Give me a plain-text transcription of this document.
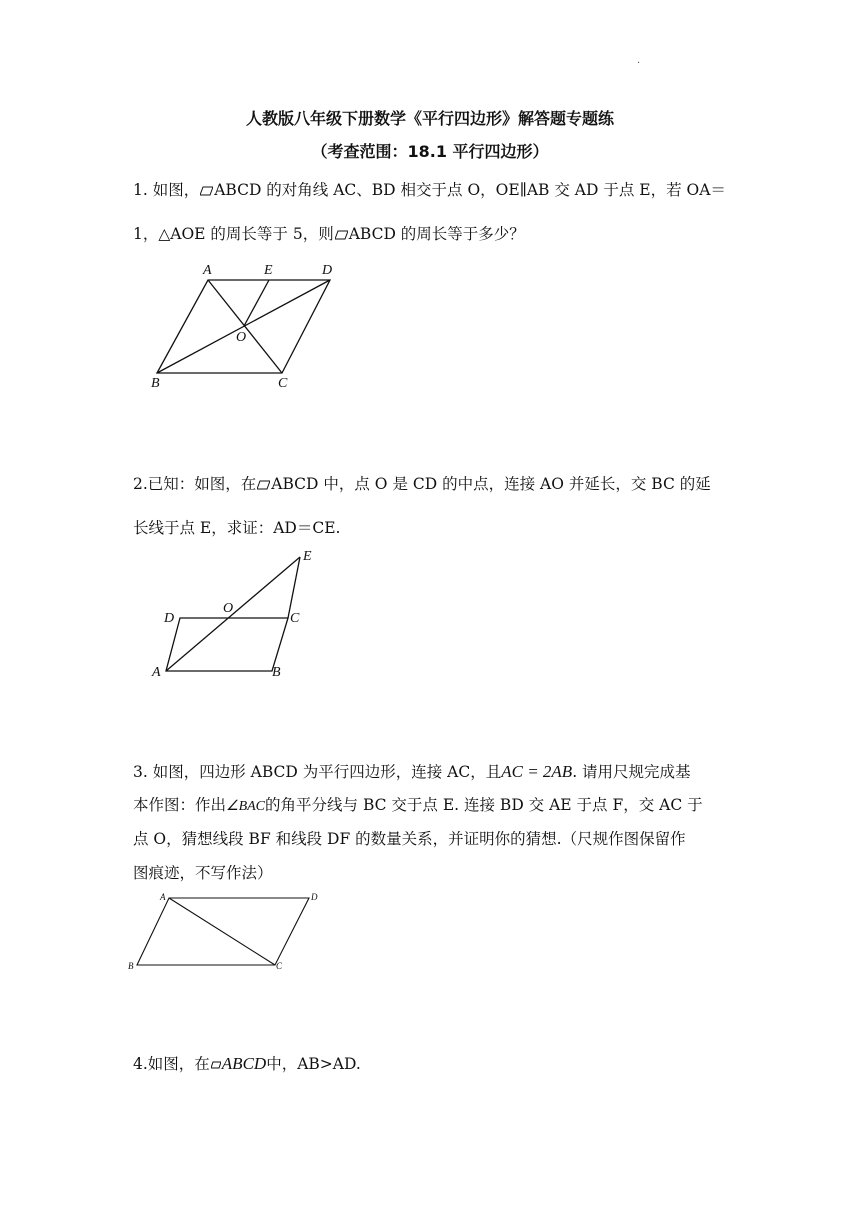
·
人教版八年级下册数学《平行四边形》解答题专题练
（考查范围：18.1 平行四边形）
1. 如图， ABCD 的对角线 AC、BD 相交于点 O，OE∥AB 交 AD 于点 E，若 OA＝
1，△AOE 的周长等于 5，则 ABCD 的周长等于多少？
A	E	D
O
B	C
2.已知：如图，在 ABCD 中，点 O 是 CD 的中点，连接 AO 并延长，交 BC 的延
长线于点 E，求证：AD＝CE.
E
D
O
C
A	B
3. 如图，四边形 ABCD 为平行四边形，连接 AC，且AC = 2AB. 请用尺规完成基
本作图：作出∠BAC的角平分线与 BC 交于点 E. 连接 BD 交 AE 于点 F，交 AC 于
点 O，猜想线段 BF 和线段 DF 的数量关系，并证明你的猜想.（尺规作图保留作
图痕迹，不写作法）
A	D
B	C
4.如图，在 ABCD中，AB>AD.
